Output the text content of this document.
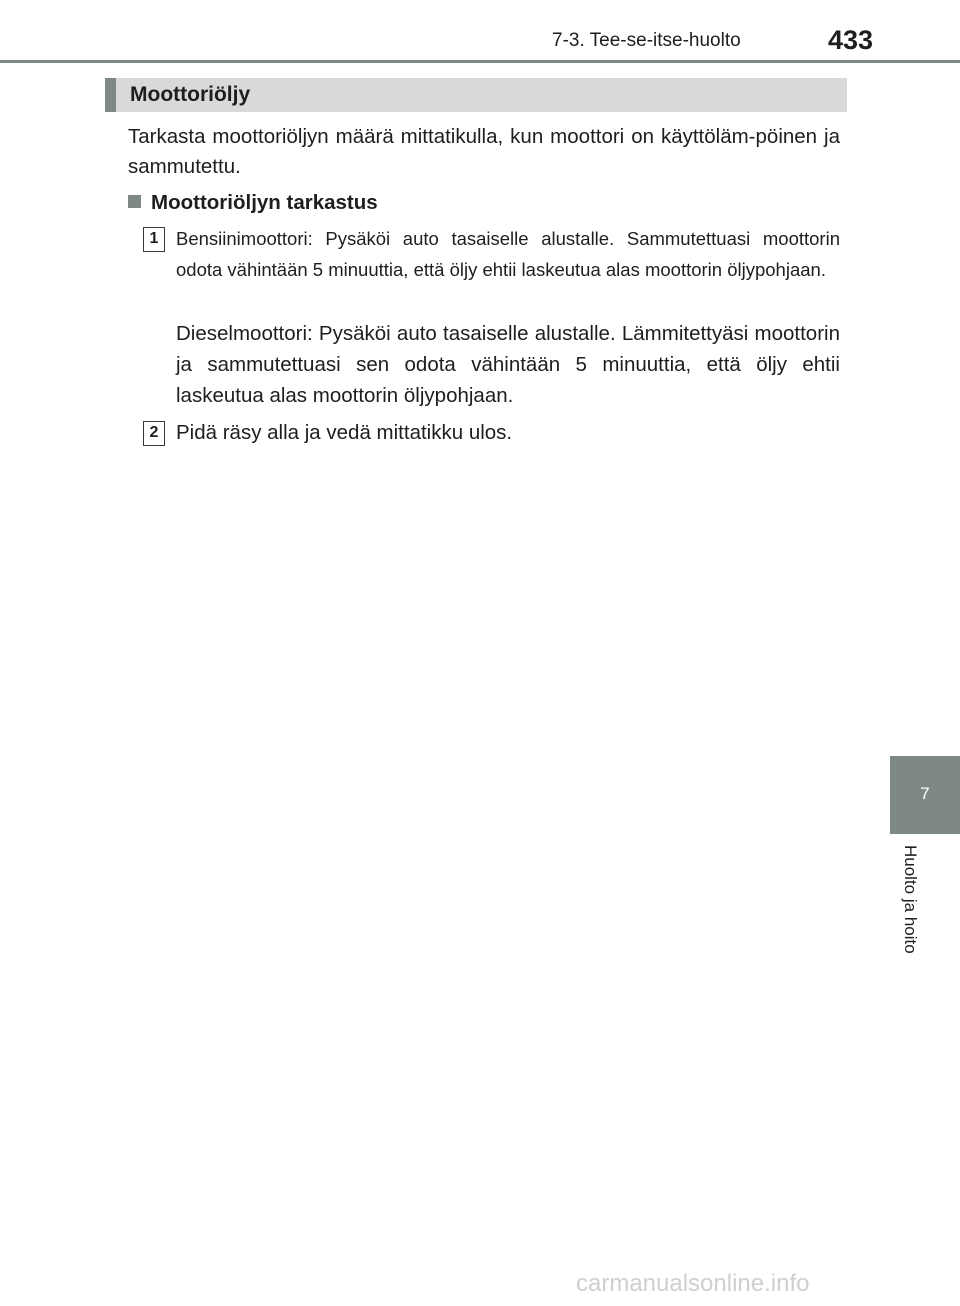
7-3. Tee-se-itse-huolto	433
Moottoriöljy

Tarkasta moottoriöljyn määrä mittatikulla, kun moottori on käyttöläm-pöinen ja sammutettu.

Moottoriöljyn tarkastus
1 Bensiinimoottori: Pysäköi auto tasaiselle alustalle. Sammutettuasi moottorin odota vähintään 5 minuuttia, että öljy ehtii laskeutua alas moottorin öljypohjaan.

Dieselmoottori: Pysäköi auto tasaiselle alustalle. Lämmitettyäsi moottorin ja sammutettuasi sen odota vähintään 5 minuuttia, että öljy ehtii laskeutua alas moottorin öljypohjaan.

2 Pidä räsy alla ja vedä mittatikku ulos.

7
Huolto ja hoito
carmanualsonline.info
